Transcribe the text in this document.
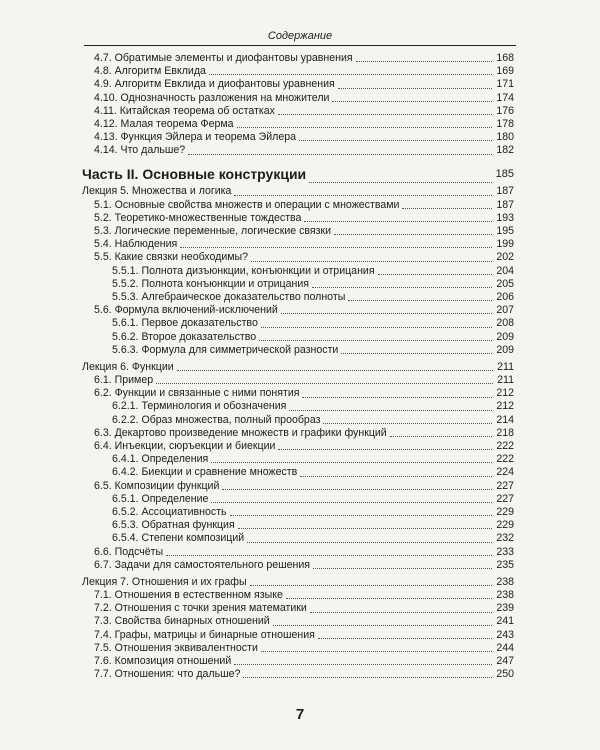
Содержание
4.7. Обратимые элементы и диофантовы уравнения	168
4.8. Алгоритм Евклида	169
4.9. Алгоритм Евклида и диофантовы уравнения	171
4.10. Однозначность разложения на множители	174
4.11. Китайская теорема об остатках	176
4.12. Малая теорема Ферма	178
4.13. Функция Эйлера и теорема Эйлера	180
4.14. Что дальше?	182
Часть II. Основные конструкции	185
Лекция 5. Множества и логика	187
5.1. Основные свойства множеств и операции с множествами	187
5.2. Теоретико-множественные тождества	193
5.3. Логические переменные, логические связки	195
5.4. Наблюдения	199
5.5. Какие связки необходимы?	202
5.5.1. Полнота дизъюнкции, конъюнкции и отрицания	204
5.5.2. Полнота конъюнкции и отрицания	205
5.5.3. Алгебраическое доказательство полноты	206
5.6. Формула включений-исключений	207
5.6.1. Первое доказательство	208
5.6.2. Второе доказательство	209
5.6.3. Формула для симметрической разности	209
Лекция 6. Функции	211
6.1. Пример	211
6.2. Функции и связанные с ними понятия	212
6.2.1. Терминология и обозначения	212
6.2.2. Образ множества, полный прообраз	214
6.3. Декартово произведение множеств и графики функций	218
6.4. Инъекции, сюръекции и биекции	222
6.4.1. Определения	222
6.4.2. Биекции и сравнение множеств	224
6.5. Композиции функций	227
6.5.1. Определение	227
6.5.2. Ассоциативность	229
6.5.3. Обратная функция	229
6.5.4. Степени композиций	232
6.6. Подсчёты	233
6.7. Задачи для самостоятельного решения	235
Лекция 7. Отношения и их графы	238
7.1. Отношения в естественном языке	238
7.2. Отношения с точки зрения математики	239
7.3. Свойства бинарных отношений	241
7.4. Графы, матрицы и бинарные отношения	243
7.5. Отношения эквивалентности	244
7.6. Композиция отношений	247
7.7. Отношения: что дальше?	250
7
